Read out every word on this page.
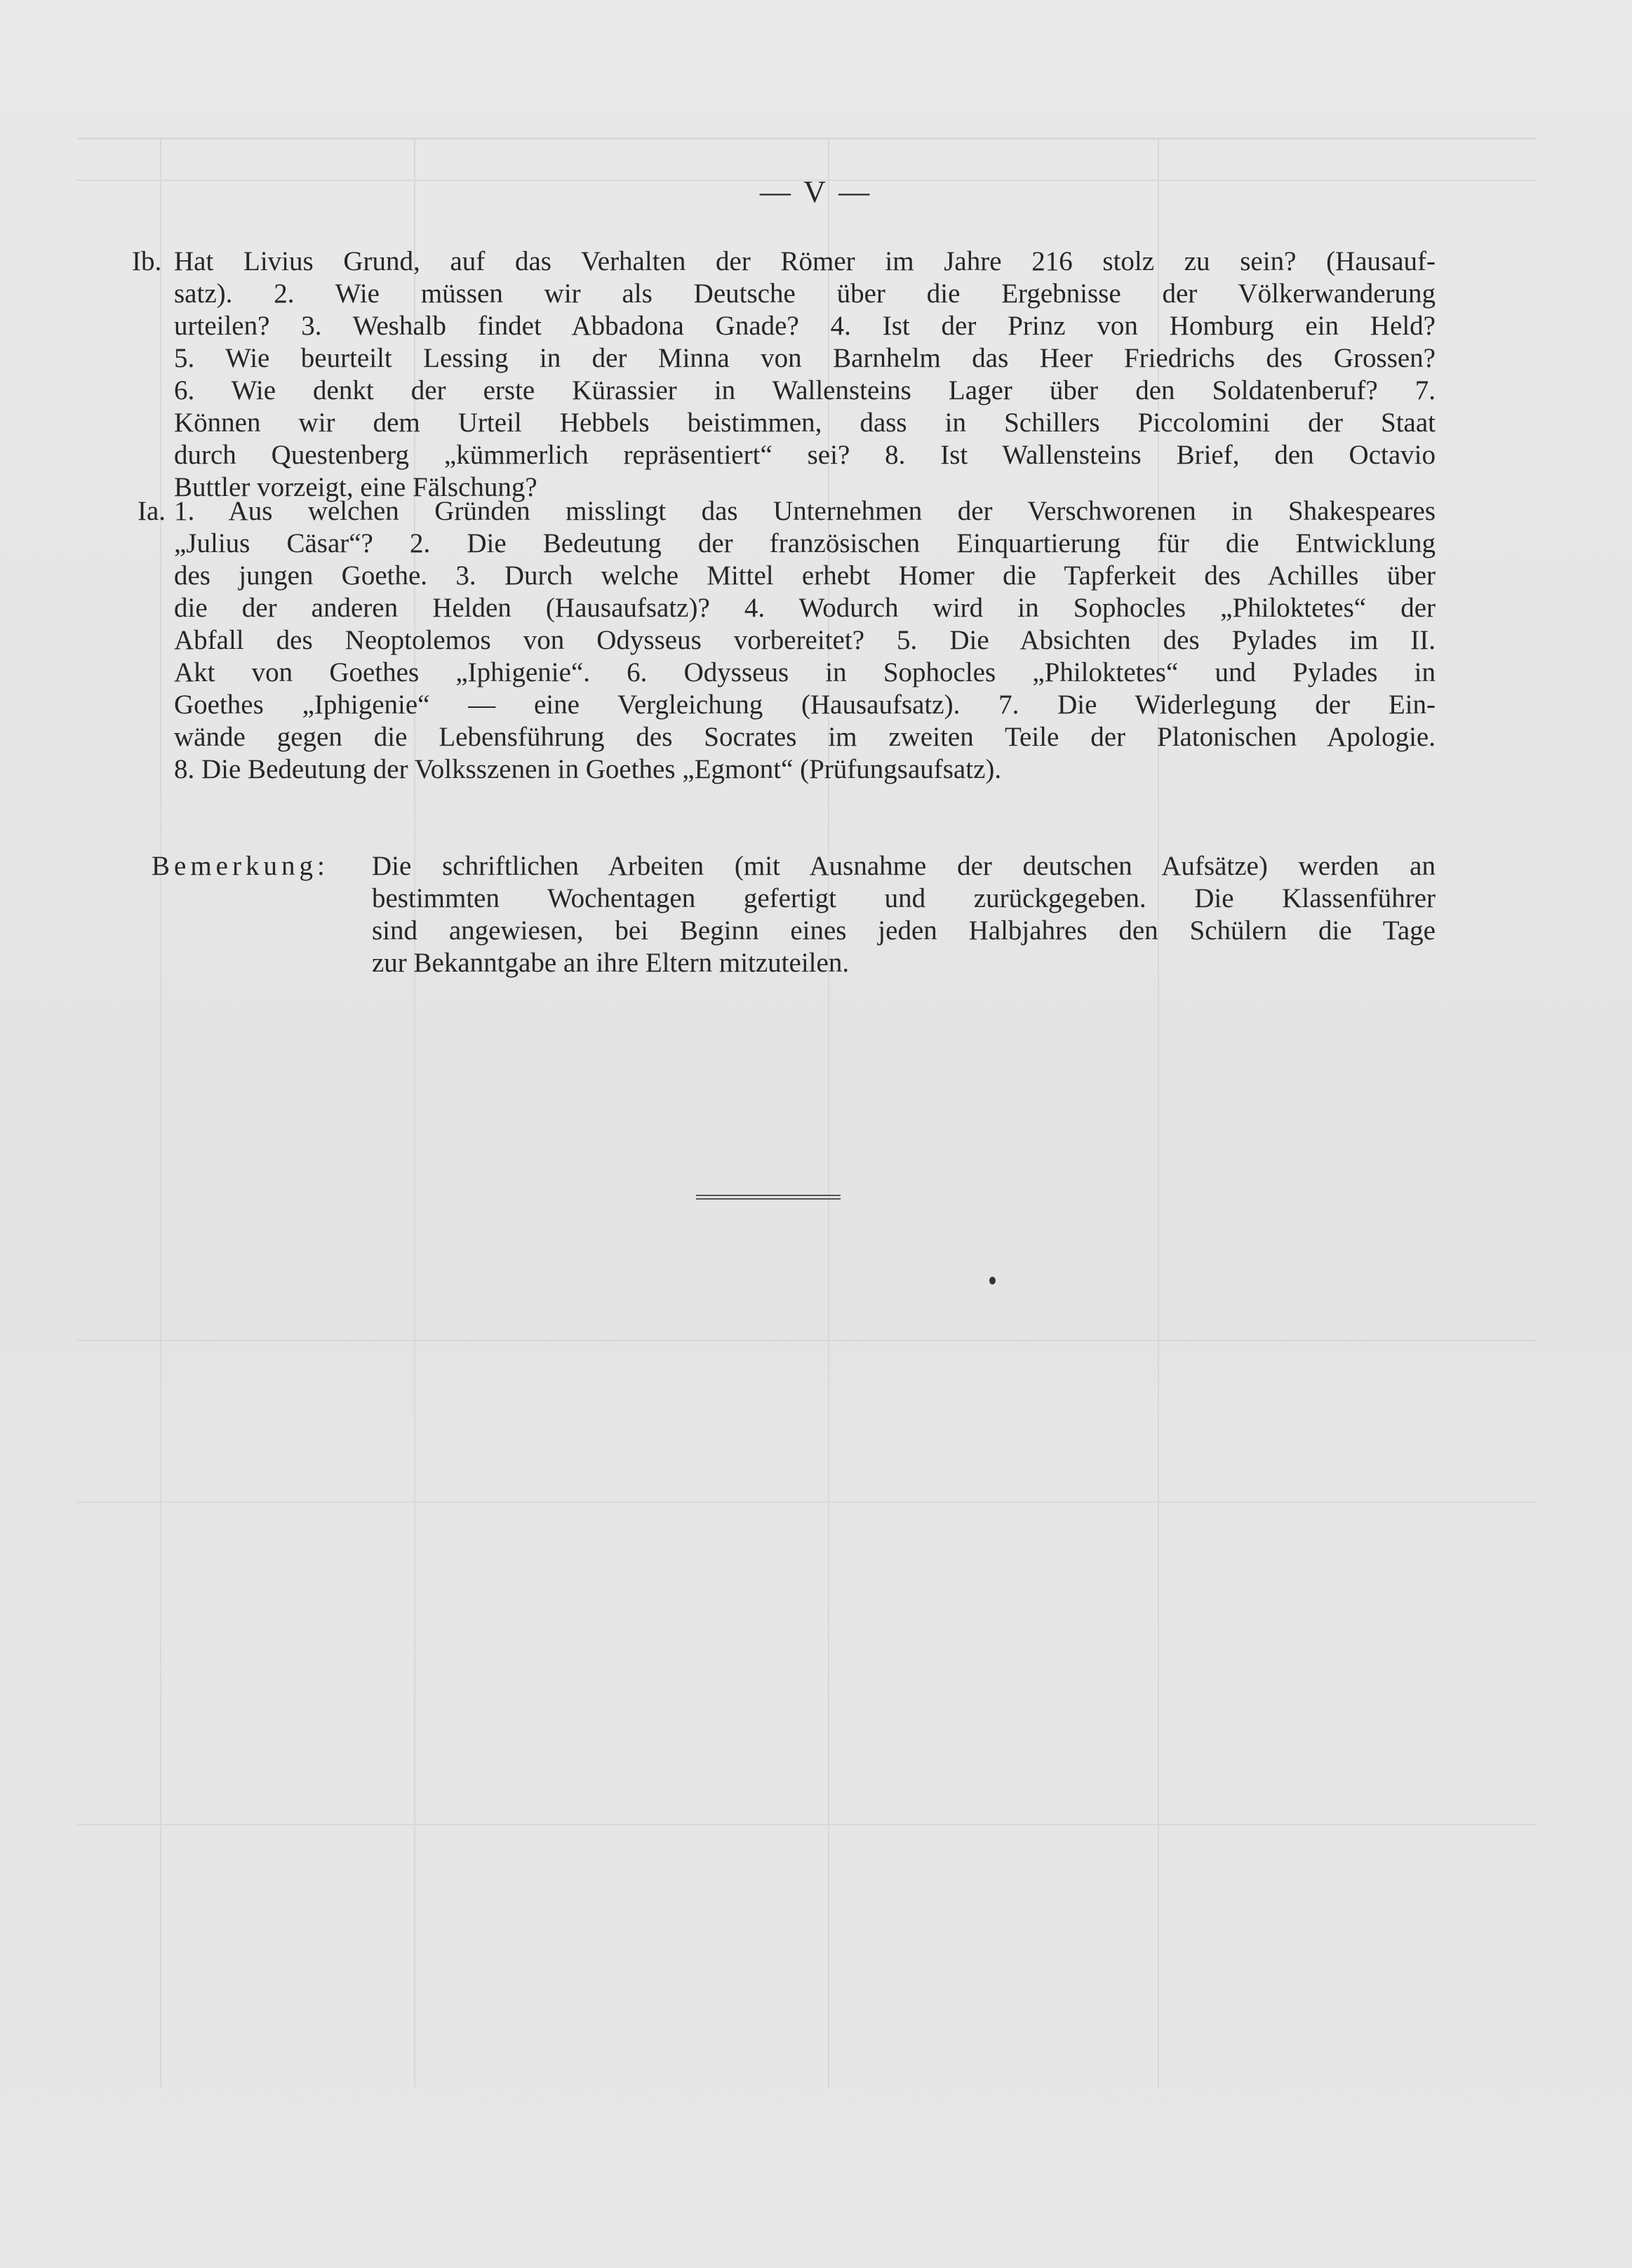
— V —
Ib. Hat Livius Grund, auf das Verhalten der Römer im Jahre 216 stolz zu sein? (Hausauf-
satz). 2. Wie müssen wir als Deutsche über die Ergebnisse der Völkerwanderung
urteilen? 3. Weshalb findet Abbadona Gnade? 4. Ist der Prinz von Homburg ein Held?
5. Wie beurteilt Lessing in der Minna von Barnhelm das Heer Friedrichs des Grossen?
6. Wie denkt der erste Kürassier in Wallensteins Lager über den Soldatenberuf? 7.
Können wir dem Urteil Hebbels beistimmen, dass in Schillers Piccolomini der Staat
durch Questenberg „kümmerlich repräsentiert“ sei? 8. Ist Wallensteins Brief, den Octavio
Buttler vorzeigt, eine Fälschung?

Ia. 1. Aus welchen Gründen misslingt das Unternehmen der Verschworenen in Shakespeares
„Julius Cäsar“? 2. Die Bedeutung der französischen Einquartierung für die Entwicklung
des jungen Goethe. 3. Durch welche Mittel erhebt Homer die Tapferkeit des Achilles über
die der anderen Helden (Hausaufsatz)? 4. Wodurch wird in Sophocles „Philoktetes“ der
Abfall des Neoptolemos von Odysseus vorbereitet? 5. Die Absichten des Pylades im II.
Akt von Goethes „Iphigenie“. 6. Odysseus in Sophocles „Philoktetes“ und Pylades in
Goethes „Iphigenie“ — eine Vergleichung (Hausaufsatz). 7. Die Widerlegung der Ein-
wände gegen die Lebensführung des Socrates im zweiten Teile der Platonischen Apologie.
8. Die Bedeutung der Volksszenen in Goethes „Egmont“ (Prüfungsaufsatz).

Bemerkung: Die schriftlichen Arbeiten (mit Ausnahme der deutschen Aufsätze) werden an
bestimmten Wochentagen gefertigt und zurückgegeben. Die Klassenführer
sind angewiesen, bei Beginn eines jeden Halbjahres den Schülern die Tage
zur Bekanntgabe an ihre Eltern mitzuteilen.
